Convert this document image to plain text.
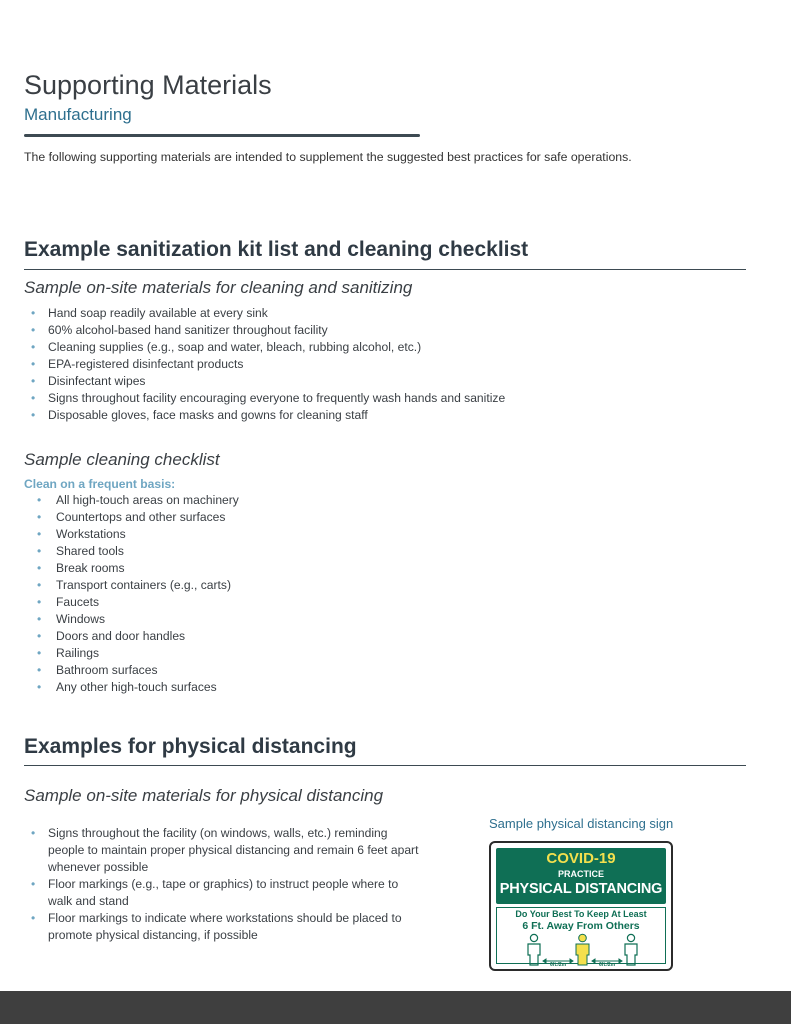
Supporting Materials
Manufacturing
The following supporting materials are intended to supplement the suggested best practices for safe operations.
Example sanitization kit list and cleaning checklist
Sample on-site materials for cleaning and sanitizing
• Hand soap readily available at every sink
• 60% alcohol-based hand sanitizer throughout facility
• Cleaning supplies (e.g., soap and water, bleach, rubbing alcohol, etc.)
• EPA-registered disinfectant products
• Disinfectant wipes
• Signs throughout facility encouraging everyone to frequently wash hands and sanitize
• Disposable gloves, face masks and gowns for cleaning staff
Sample cleaning checklist
Clean on a frequent basis:
• All high-touch areas on machinery
• Countertops and other surfaces
• Workstations
• Shared tools
• Break rooms
• Transport containers (e.g., carts)
• Faucets
• Windows
• Doors and door handles
• Railings
• Bathroom surfaces
• Any other high-touch surfaces
Examples for physical distancing
Sample on-site materials for physical distancing
• Signs throughout the facility (on windows, walls, etc.) reminding people to maintain proper physical distancing and remain 6 feet apart whenever possible
• Floor markings (e.g., tape or graphics) to instruct people where to walk and stand
• Floor markings to indicate where workstations should be placed to promote physical distancing, if possible
Sample physical distancing sign
COVID-19
PRACTICE
PHYSICAL DISTANCING
Do Your Best To Keep At Least
6 Ft. Away From Others
6ft./2m	6ft./2m
